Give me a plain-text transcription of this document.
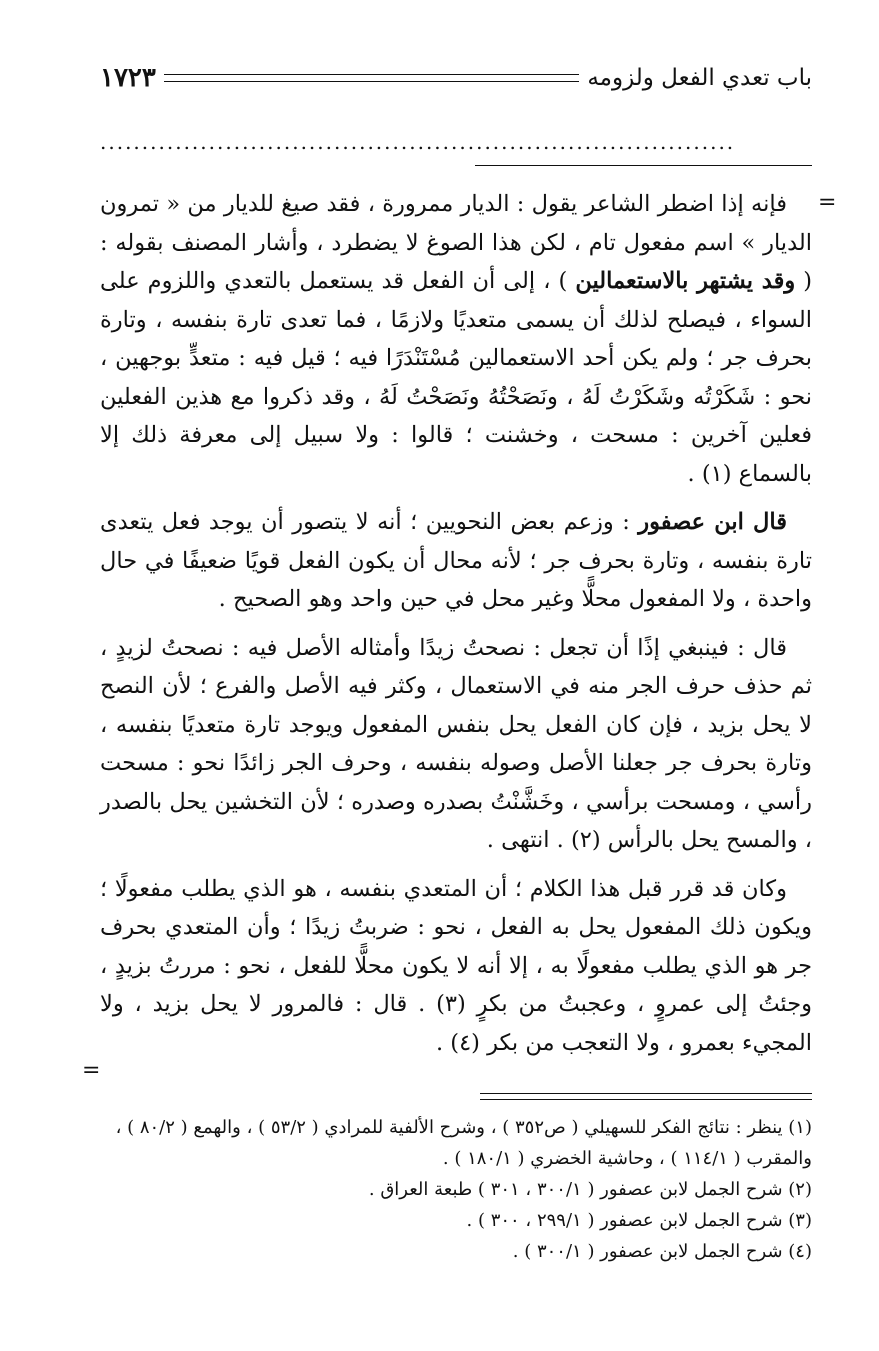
باب تعدي الفعل ولزومه
١٧٢٣
............................................................................
=

فإنه إذا اضطر الشاعر يقول : الديار ممرورة ، فقد صيغ للديار من « تمرون الديار » اسم مفعول تام ، لكن هذا الصوغ لا يضطرد ، وأشار المصنف بقوله : ( وقد يشتهر بالاستعمالين ) ، إلى أن الفعل قد يستعمل بالتعدي واللزوم على السواء ، فيصلح لذلك أن يسمى متعديًا ولازمًا ، فما تعدى تارة بنفسه ، وتارة بحرف جر ؛ ولم يكن أحد الاستعمالين مُسْتَنْدَرًا فيه ؛ قيل فيه : متعدٍّ بوجهين ، نحو : شَكَرْتُه وشَكَرْتُ لَهُ ، ونَصَحْتُهُ ونَصَحْتُ لَهُ ، وقد ذكروا مع هذين الفعلين فعلين آخرين : مسحت ، وخشنت ؛ قالوا : ولا سبيل إلى معرفة ذلك إلا بالسماع (١) .

قال ابن عصفور : وزعم بعض النحويين ؛ أنه لا يتصور أن يوجد فعل يتعدى تارة بنفسه ، وتارة بحرف جر ؛ لأنه محال أن يكون الفعل قويًا ضعيفًا في حال واحدة ، ولا المفعول محلًّا وغير محل في حين واحد وهو الصحيح .

قال : فينبغي إذًا أن تجعل : نصحتُ زيدًا وأمثاله الأصل فيه : نصحتُ لزيدٍ ، ثم حذف حرف الجر منه في الاستعمال ، وكثر فيه الأصل والفرع ؛ لأن النصح لا يحل بزيد ، فإن كان الفعل يحل بنفس المفعول ويوجد تارة متعديًا بنفسه ، وتارة بحرف جر جعلنا الأصل وصوله بنفسه ، وحرف الجر زائدًا نحو : مسحت رأسي ، ومسحت برأسي ، وخَشَّنْتُ بصدره وصدره ؛ لأن التخشين يحل بالصدر ، والمسح يحل بالرأس (٢) . انتهى .

وكان قد قرر قبل هذا الكلام ؛ أن المتعدي بنفسه ، هو الذي يطلب مفعولًا ؛ ويكون ذلك المفعول يحل به الفعل ، نحو : ضربتُ زيدًا ؛ وأن المتعدي بحرف جر هو الذي يطلب مفعولًا به ، إلا أنه لا يكون محلًّا للفعل ، نحو : مررتُ بزيدٍ ، وجئتُ إلى عمروٍ ، وعجبتُ من بكرٍ (٣) . قال : فالمرور لا يحل بزيد ، ولا المجيء بعمرو ، ولا التعجب من بكر (٤) .

=

(١) ينظر : نتائج الفكر للسهيلي ( ص٣٥٢ ) ، وشرح الألفية للمرادي ( ٥٣/٢ ) ، والهمع ( ٨٠/٢ ) ، والمقرب ( ١١٤/١ ) ، وحاشية الخضري ( ١٨٠/١ ) .

(٢) شرح الجمل لابن عصفور ( ٣٠٠/١ ، ٣٠١ ) طبعة العراق .

(٣) شرح الجمل لابن عصفور ( ٢٩٩/١ ، ٣٠٠ ) .

(٤) شرح الجمل لابن عصفور ( ٣٠٠/١ ) .
